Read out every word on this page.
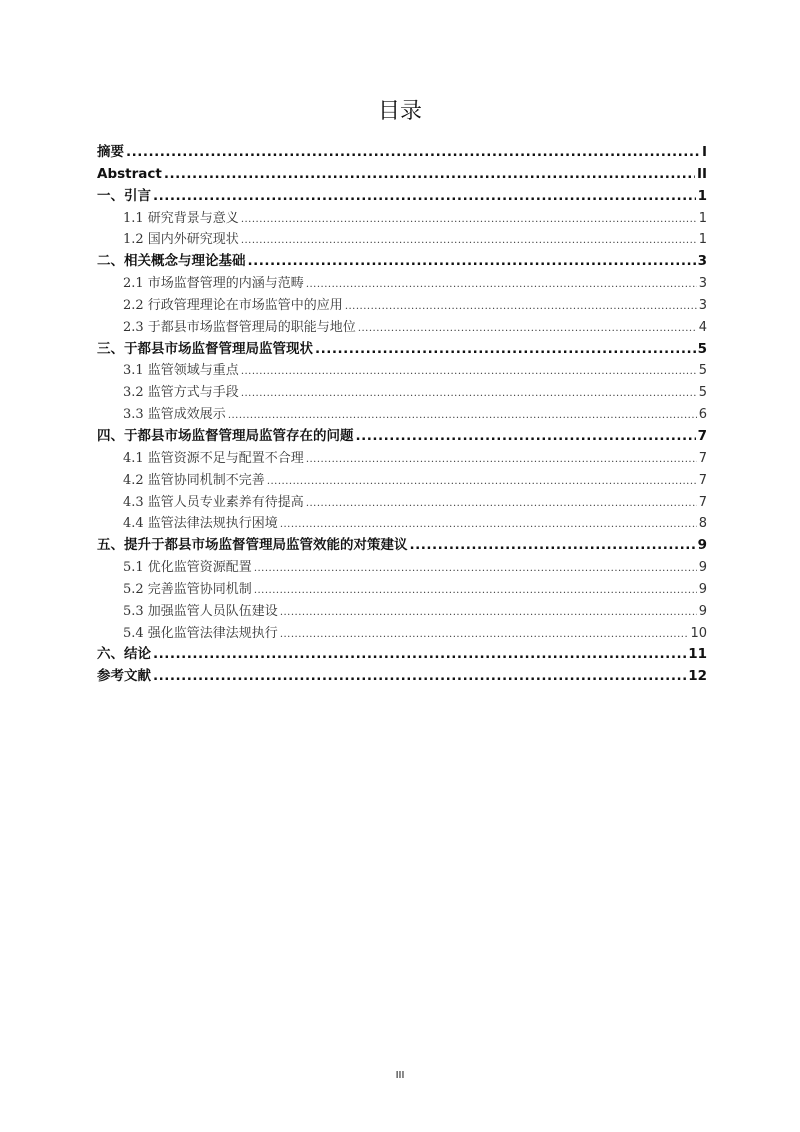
目录
摘要 .....	I
Abstract .....	II
一、引言 .....	1
1.1 研究背景与意义 .....	1
1.2 国内外研究现状 .....	1
二、相关概念与理论基础 .....	3
2.1 市场监督管理的内涵与范畴 .....	3
2.2 行政管理理论在市场监管中的应用 .....	3
2.3 于都县市场监督管理局的职能与地位 .....	4
三、于都县市场监督管理局监管现状 .....	5
3.1 监管领域与重点 .....	5
3.2 监管方式与手段 .....	5
3.3 监管成效展示 .....	6
四、于都县市场监督管理局监管存在的问题 .....	7
4.1 监管资源不足与配置不合理 .....	7
4.2 监管协同机制不完善 .....	7
4.3 监管人员专业素养有待提高 .....	7
4.4 监管法律法规执行困境 .....	8
五、提升于都县市场监督管理局监管效能的对策建议 .....	9
5.1 优化监管资源配置 .....	9
5.2 完善监管协同机制 .....	9
5.3 加强监管人员队伍建设 .....	9
5.4 强化监管法律法规执行 .....	10
六、结论 .....	11
参考文献 .....	12
III
